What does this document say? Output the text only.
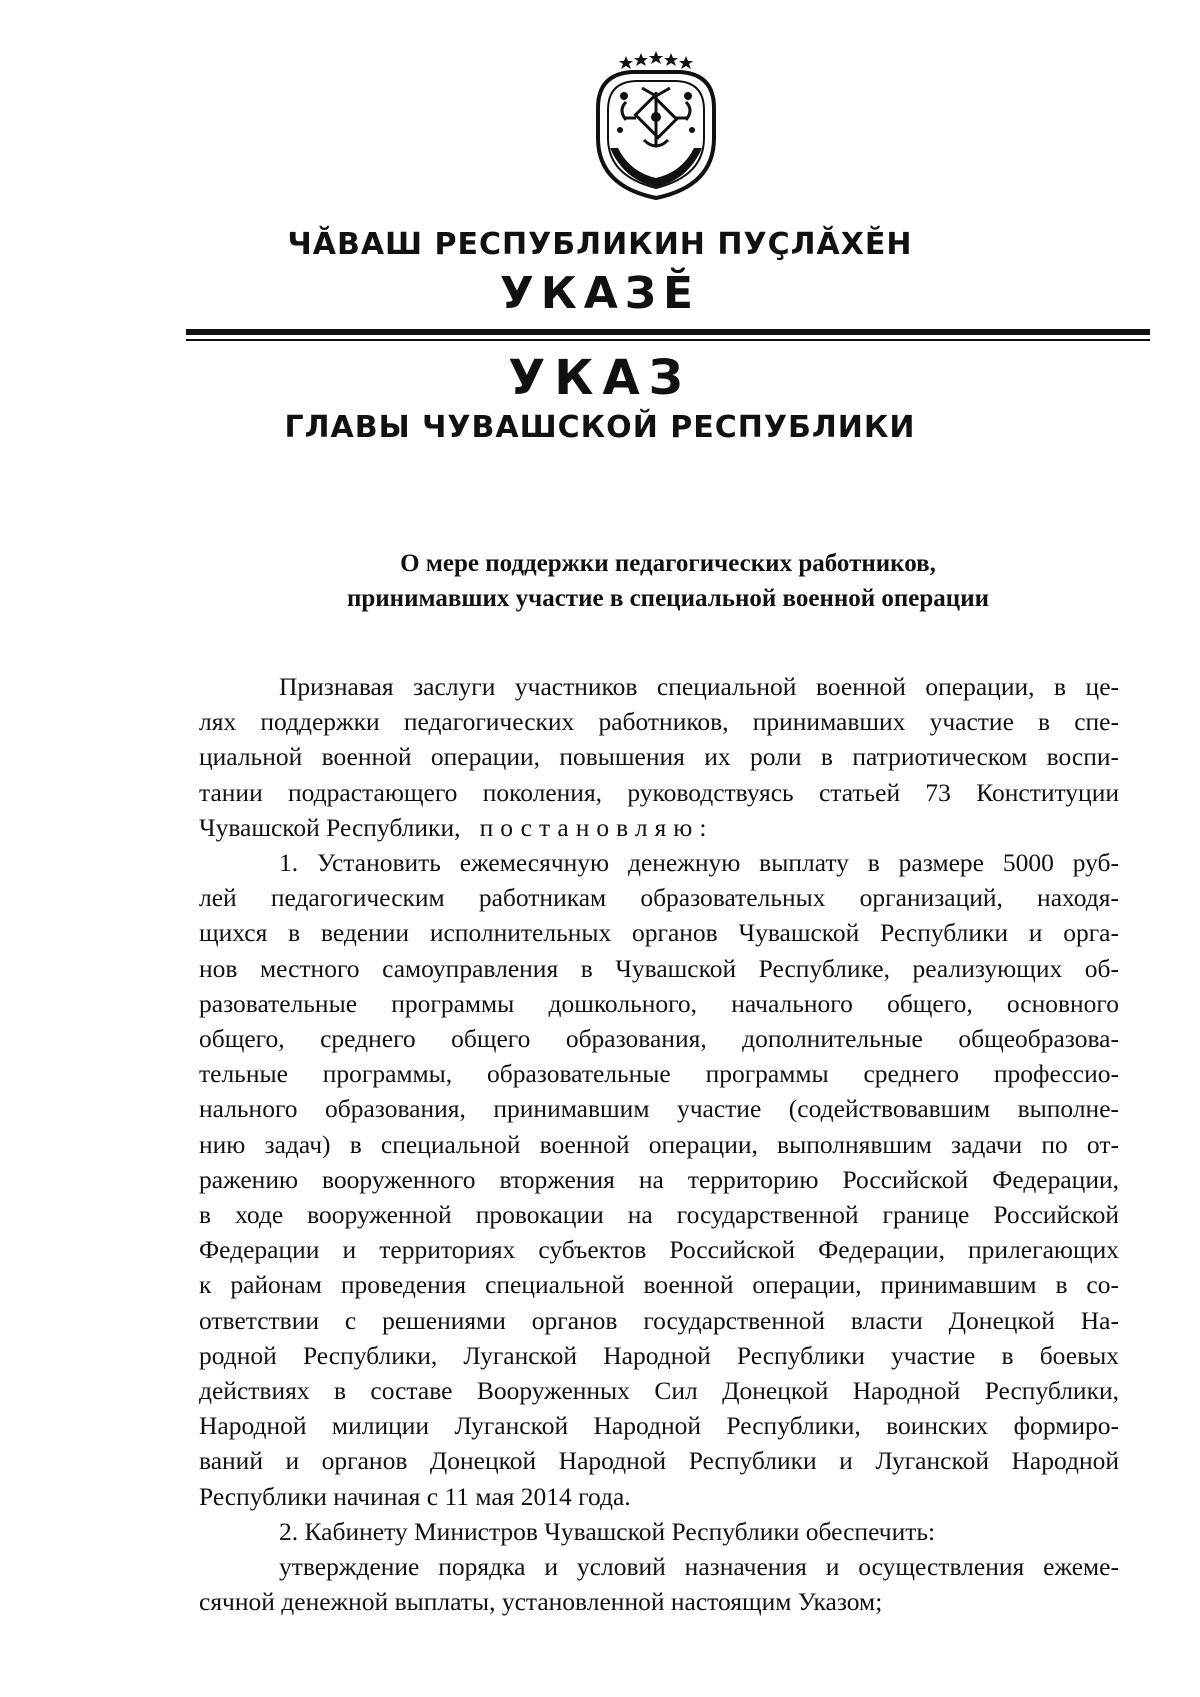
ЧĂВАШ РЕСПУБЛИКИН ПУÇЛĂХĔН
УКАЗĔ
УКАЗ
ГЛАВЫ ЧУВАШСКОЙ РЕСПУБЛИКИ
О мере поддержки педагогических работников,
принимавших участие в специальной военной операции
Признавая заслуги участников специальной военной операции, в це-
лях поддержки педагогических работников, принимавших участие в спе-
циальной военной операции, повышения их роли в патриотическом воспи-
тании подрастающего поколения, руководствуясь статьей 73 Конституции
Чувашской Республики, постановляю:
1. Установить ежемесячную денежную выплату в размере 5000 руб-
лей педагогическим работникам образовательных организаций, находя-
щихся в ведении исполнительных органов Чувашской Республики и орга-
нов местного самоуправления в Чувашской Республике, реализующих об-
разовательные программы дошкольного, начального общего, основного
общего, среднего общего образования, дополнительные общеобразова-
тельные программы, образовательные программы среднего профессио-
нального образования, принимавшим участие (содействовавшим выполне-
нию задач) в специальной военной операции, выполнявшим задачи по от-
ражению вооруженного вторжения на территорию Российской Федерации,
в ходе вооруженной провокации на государственной границе Российской
Федерации и территориях субъектов Российской Федерации, прилегающих
к районам проведения специальной военной операции, принимавшим в со-
ответствии с решениями органов государственной власти Донецкой На-
родной Республики, Луганской Народной Республики участие в боевых
действиях в составе Вооруженных Сил Донецкой Народной Республики,
Народной милиции Луганской Народной Республики, воинских формиро-
ваний и органов Донецкой Народной Республики и Луганской Народной
Республики начиная с 11 мая 2014 года.
2. Кабинету Министров Чувашской Республики обеспечить:
утверждение порядка и условий назначения и осуществления ежеме-
сячной денежной выплаты, установленной настоящим Указом;
